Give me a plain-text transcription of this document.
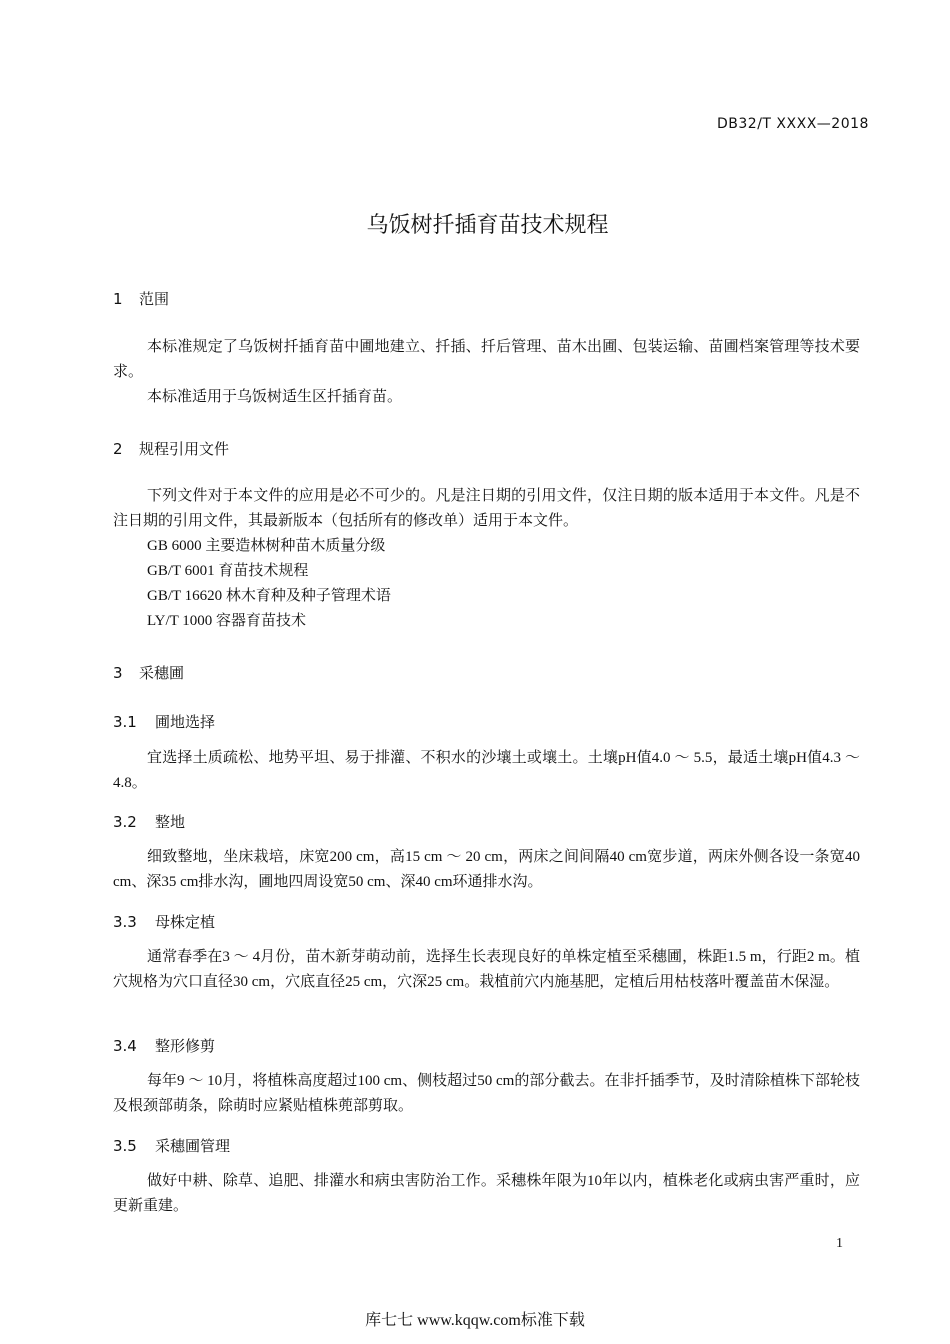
DB32/T XXXX—2018
乌饭树扦插育苗技术规程
1 范围
本标准规定了乌饭树扦插育苗中圃地建立、扦插、扦后管理、苗木出圃、包装运输、苗圃档案管理等技术要求。
本标准适用于乌饭树适生区扦插育苗。
2 规程引用文件
下列文件对于本文件的应用是必不可少的。凡是注日期的引用文件，仅注日期的版本适用于本文件。凡是不注日期的引用文件，其最新版本（包括所有的修改单）适用于本文件。
GB 6000 主要造林树种苗木质量分级
GB/T 6001 育苗技术规程
GB/T 16620 林木育种及种子管理术语
LY/T 1000 容器育苗技术
3 采穗圃
3.1 圃地选择
宜选择土质疏松、地势平坦、易于排灌、不积水的沙壤土或壤土。土壤pH值4.0 ～ 5.5，最适土壤pH值4.3 ～ 4.8。
3.2 整地
细致整地，坐床栽培，床宽200 cm，高15 cm ～ 20 cm，两床之间间隔40 cm宽步道，两床外侧各设一条宽40 cm、深35 cm排水沟，圃地四周设宽50 cm、深40 cm环通排水沟。
3.3 母株定植
通常春季在3 ～ 4月份，苗木新芽萌动前，选择生长表现良好的单株定植至采穗圃，株距1.5 m，行距2 m。植穴规格为穴口直径30 cm，穴底直径25 cm，穴深25 cm。栽植前穴内施基肥，定植后用枯枝落叶覆盖苗木保湿。
3.4 整形修剪
每年9 ～ 10月，将植株高度超过100 cm、侧枝超过50 cm的部分截去。在非扦插季节，及时清除植株下部轮枝及根颈部萌条，除萌时应紧贴植株蔸部剪取。
3.5 采穗圃管理
做好中耕、除草、追肥、排灌水和病虫害防治工作。采穗株年限为10年以内，植株老化或病虫害严重时，应更新重建。
1
库七七 www.kqqw.com标准下载
